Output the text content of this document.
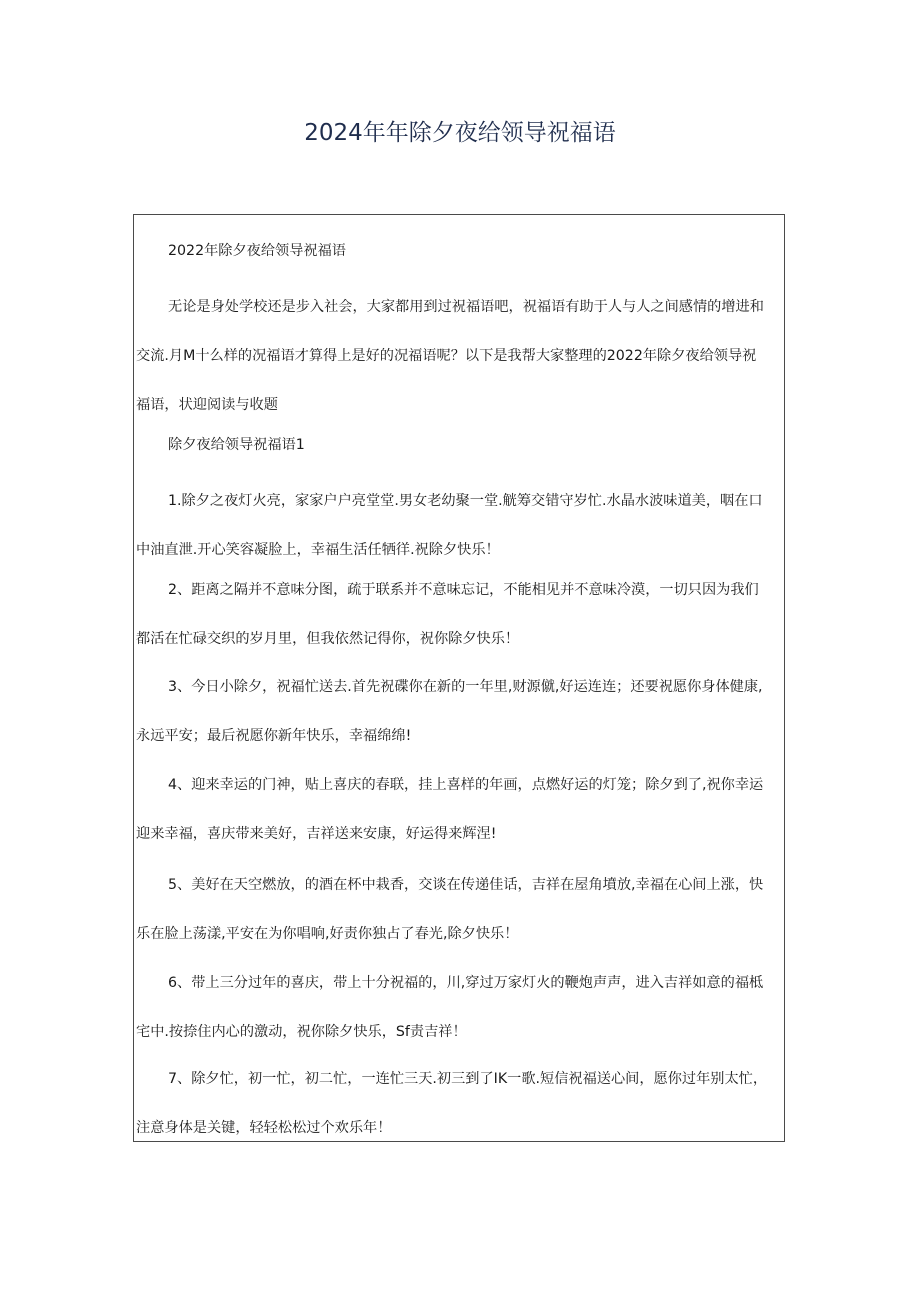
2024年年除夕夜给领导祝福语

2022年除夕夜给领导祝福语

无论是身处学校还是步入社会，大家都用到过祝福语吧，祝福语有助于人与人之间感情的增进和
交流.月M十么样的况福语才算得上是好的况福语呢？以下是我帮大家整理的2022年除夕夜给领导祝
福语，状迎阅读与收题

除夕夜给领导祝福语1

1.除夕之夜灯火亮，家家户户亮堂堂.男女老幼聚一堂.觥筹交错守岁忙.水晶水波味道美，咽在口
中油直泄.开心笑容凝脸上，幸福生活任牺徉.祝除夕快乐！

2、距离之隔并不意味分图，疏于联系并不意味忘记，不能相见并不意味冷漠，一切只因为我们
都活在忙碌交织的岁月里，但我依然记得你，祝你除夕快乐！

3、今日小除夕，祝福忙送去.首先祝碟你在新的一年里,财源僦,好运连连；还要祝愿你身体健康,
永远平安；最后祝愿你新年快乐，幸福绵绵!

4、迎来幸运的门神，贴上喜庆的春联，挂上喜样的年画，点燃好运的灯笼；除夕到了,祝你幸运
迎来幸福，喜庆带来美好，吉祥送来安康，好运得来辉涅!

5、美好在天空燃放，的酒在杯中栽香，交谈在传递佳话，吉祥在屋角墳放,幸福在心间上涨，快
乐在脸上荡漾,平安在为你唱响,好责你独占了春光,除夕快乐！

6、带上三分过年的喜庆，带上十分祝福的，川,穿过万家灯火的鞭炮声声，进入吉祥如意的福柢
宅中.按捺住内心的激动，祝你除夕快乐，Sf责吉祥！

7、除夕忙，初一忙，初二忙，一连忙三天.初三到了IK一歌.短信祝福送心间，愿你过年别太忙，
注意身体是关键，轻轻松松过个欢乐年！
